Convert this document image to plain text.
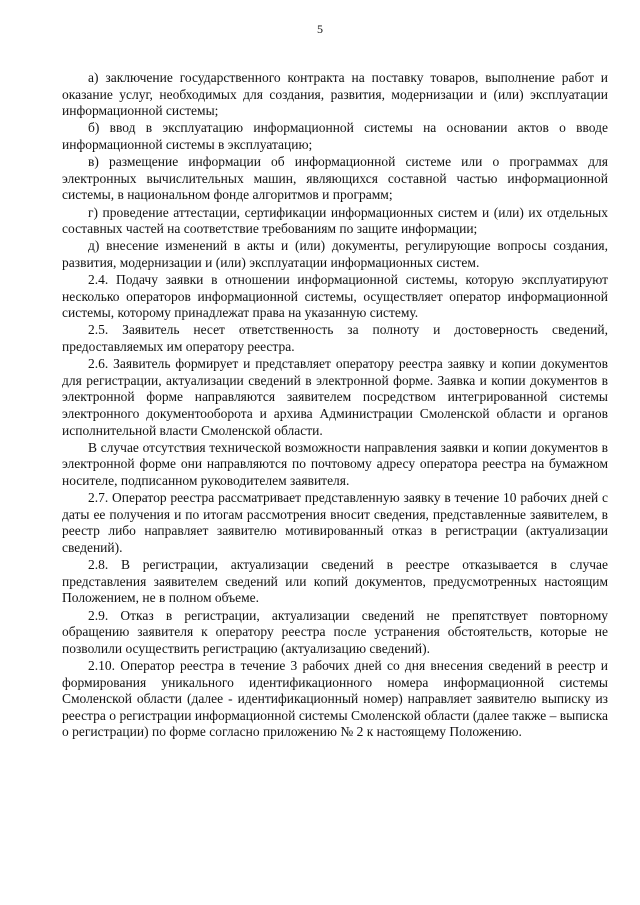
5

а) заключение государственного контракта на поставку товаров, выполнение работ и оказание услуг, необходимых для создания, развития, модернизации и (или) эксплуатации информационной системы;

б) ввод в эксплуатацию информационной системы на основании актов о вводе информационной системы в эксплуатацию;

в) размещение информации об информационной системе или о программах для электронных вычислительных машин, являющихся составной частью информационной системы, в национальном фонде алгоритмов и программ;

г) проведение аттестации, сертификации информационных систем и (или) их отдельных составных частей на соответствие требованиям по защите информации;

д) внесение изменений в акты и (или) документы, регулирующие вопросы создания, развития, модернизации и (или) эксплуатации информационных систем.

2.4. Подачу заявки в отношении информационной системы, которую эксплуатируют несколько операторов информационной системы, осуществляет оператор информационной системы, которому принадлежат права на указанную систему.

2.5. Заявитель несет ответственность за полноту и достоверность сведений, предоставляемых им оператору реестра.

2.6. Заявитель формирует и представляет оператору реестра заявку и копии документов для регистрации, актуализации сведений в электронной форме. Заявка и копии документов в электронной форме направляются заявителем посредством интегрированной системы электронного документооборота и архива Администрации Смоленской области и органов исполнительной власти Смоленской области.

В случае отсутствия технической возможности направления заявки и копии документов в электронной форме они направляются по почтовому адресу оператора реестра на бумажном носителе, подписанном руководителем заявителя.

2.7. Оператор реестра рассматривает представленную заявку в течение 10 рабочих дней с даты ее получения и по итогам рассмотрения вносит сведения, представленные заявителем, в реестр либо направляет заявителю мотивированный отказ в регистрации (актуализации сведений).

2.8. В регистрации, актуализации сведений в реестре отказывается в случае представления заявителем сведений или копий документов, предусмотренных настоящим Положением, не в полном объеме.

2.9. Отказ в регистрации, актуализации сведений не препятствует повторному обращению заявителя к оператору реестра после устранения обстоятельств, которые не позволили осуществить регистрацию (актуализацию сведений).

2.10. Оператор реестра в течение 3 рабочих дней со дня внесения сведений в реестр и формирования уникального идентификационного номера информационной системы Смоленской области (далее - идентификационный номер) направляет заявителю выписку из реестра о регистрации информационной системы Смоленской области (далее также – выписка о регистрации) по форме согласно приложению № 2 к настоящему Положению.
